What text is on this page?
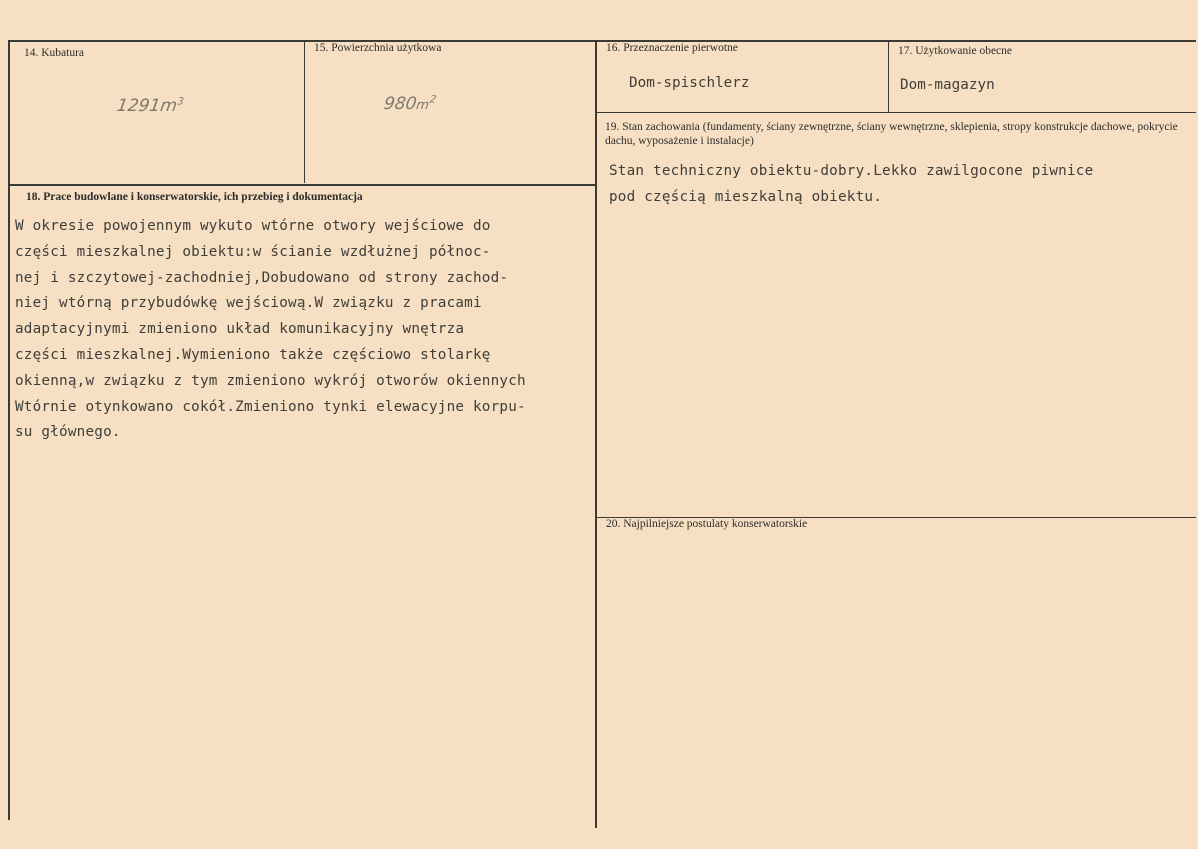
14. Kubatura
$1291m^3$
15. Powierzchnia użytkowa
$980m^2$
16. Przeznaczenie pierwotne
Dom-spischlerz
17. Użytkowanie obecne
Dom-magazyn
18. Prace budowlane i konserwatorskie, ich przebieg i dokumentacja
W okresie powojennym wykuto wtórne otwory wejściowe do
części mieszkalnej obiektu:w ścianie wzdłużnej północ-
nej i szczytowej-zachodniej,Dobudowano od strony zachod-
niej wtórną przybudówkę wejściową.W związku z pracami
adaptacyjnymi zmieniono układ komunikacyjny wnętrza
części mieszkalnej.Wymieniono także częściowo stolarkę
okienną,w związku z tym zmieniono wykrój otworów okiennych
Wtórnie otynkowano cokół.Zmieniono tynki elewacyjne korpu-
su głównego.
19. Stan zachowania (fundamenty, ściany zewnętrzne, ściany wewnętrzne, sklepienia, stropy konstrukcje dachowe, pokrycie dachu, wyposażenie i instalacje)
Stan techniczny obiektu-dobry.Lekko zawilgocone piwnice
pod częścią mieszkalną obiektu.
20. Najpilniejsze postulaty konserwatorskie
